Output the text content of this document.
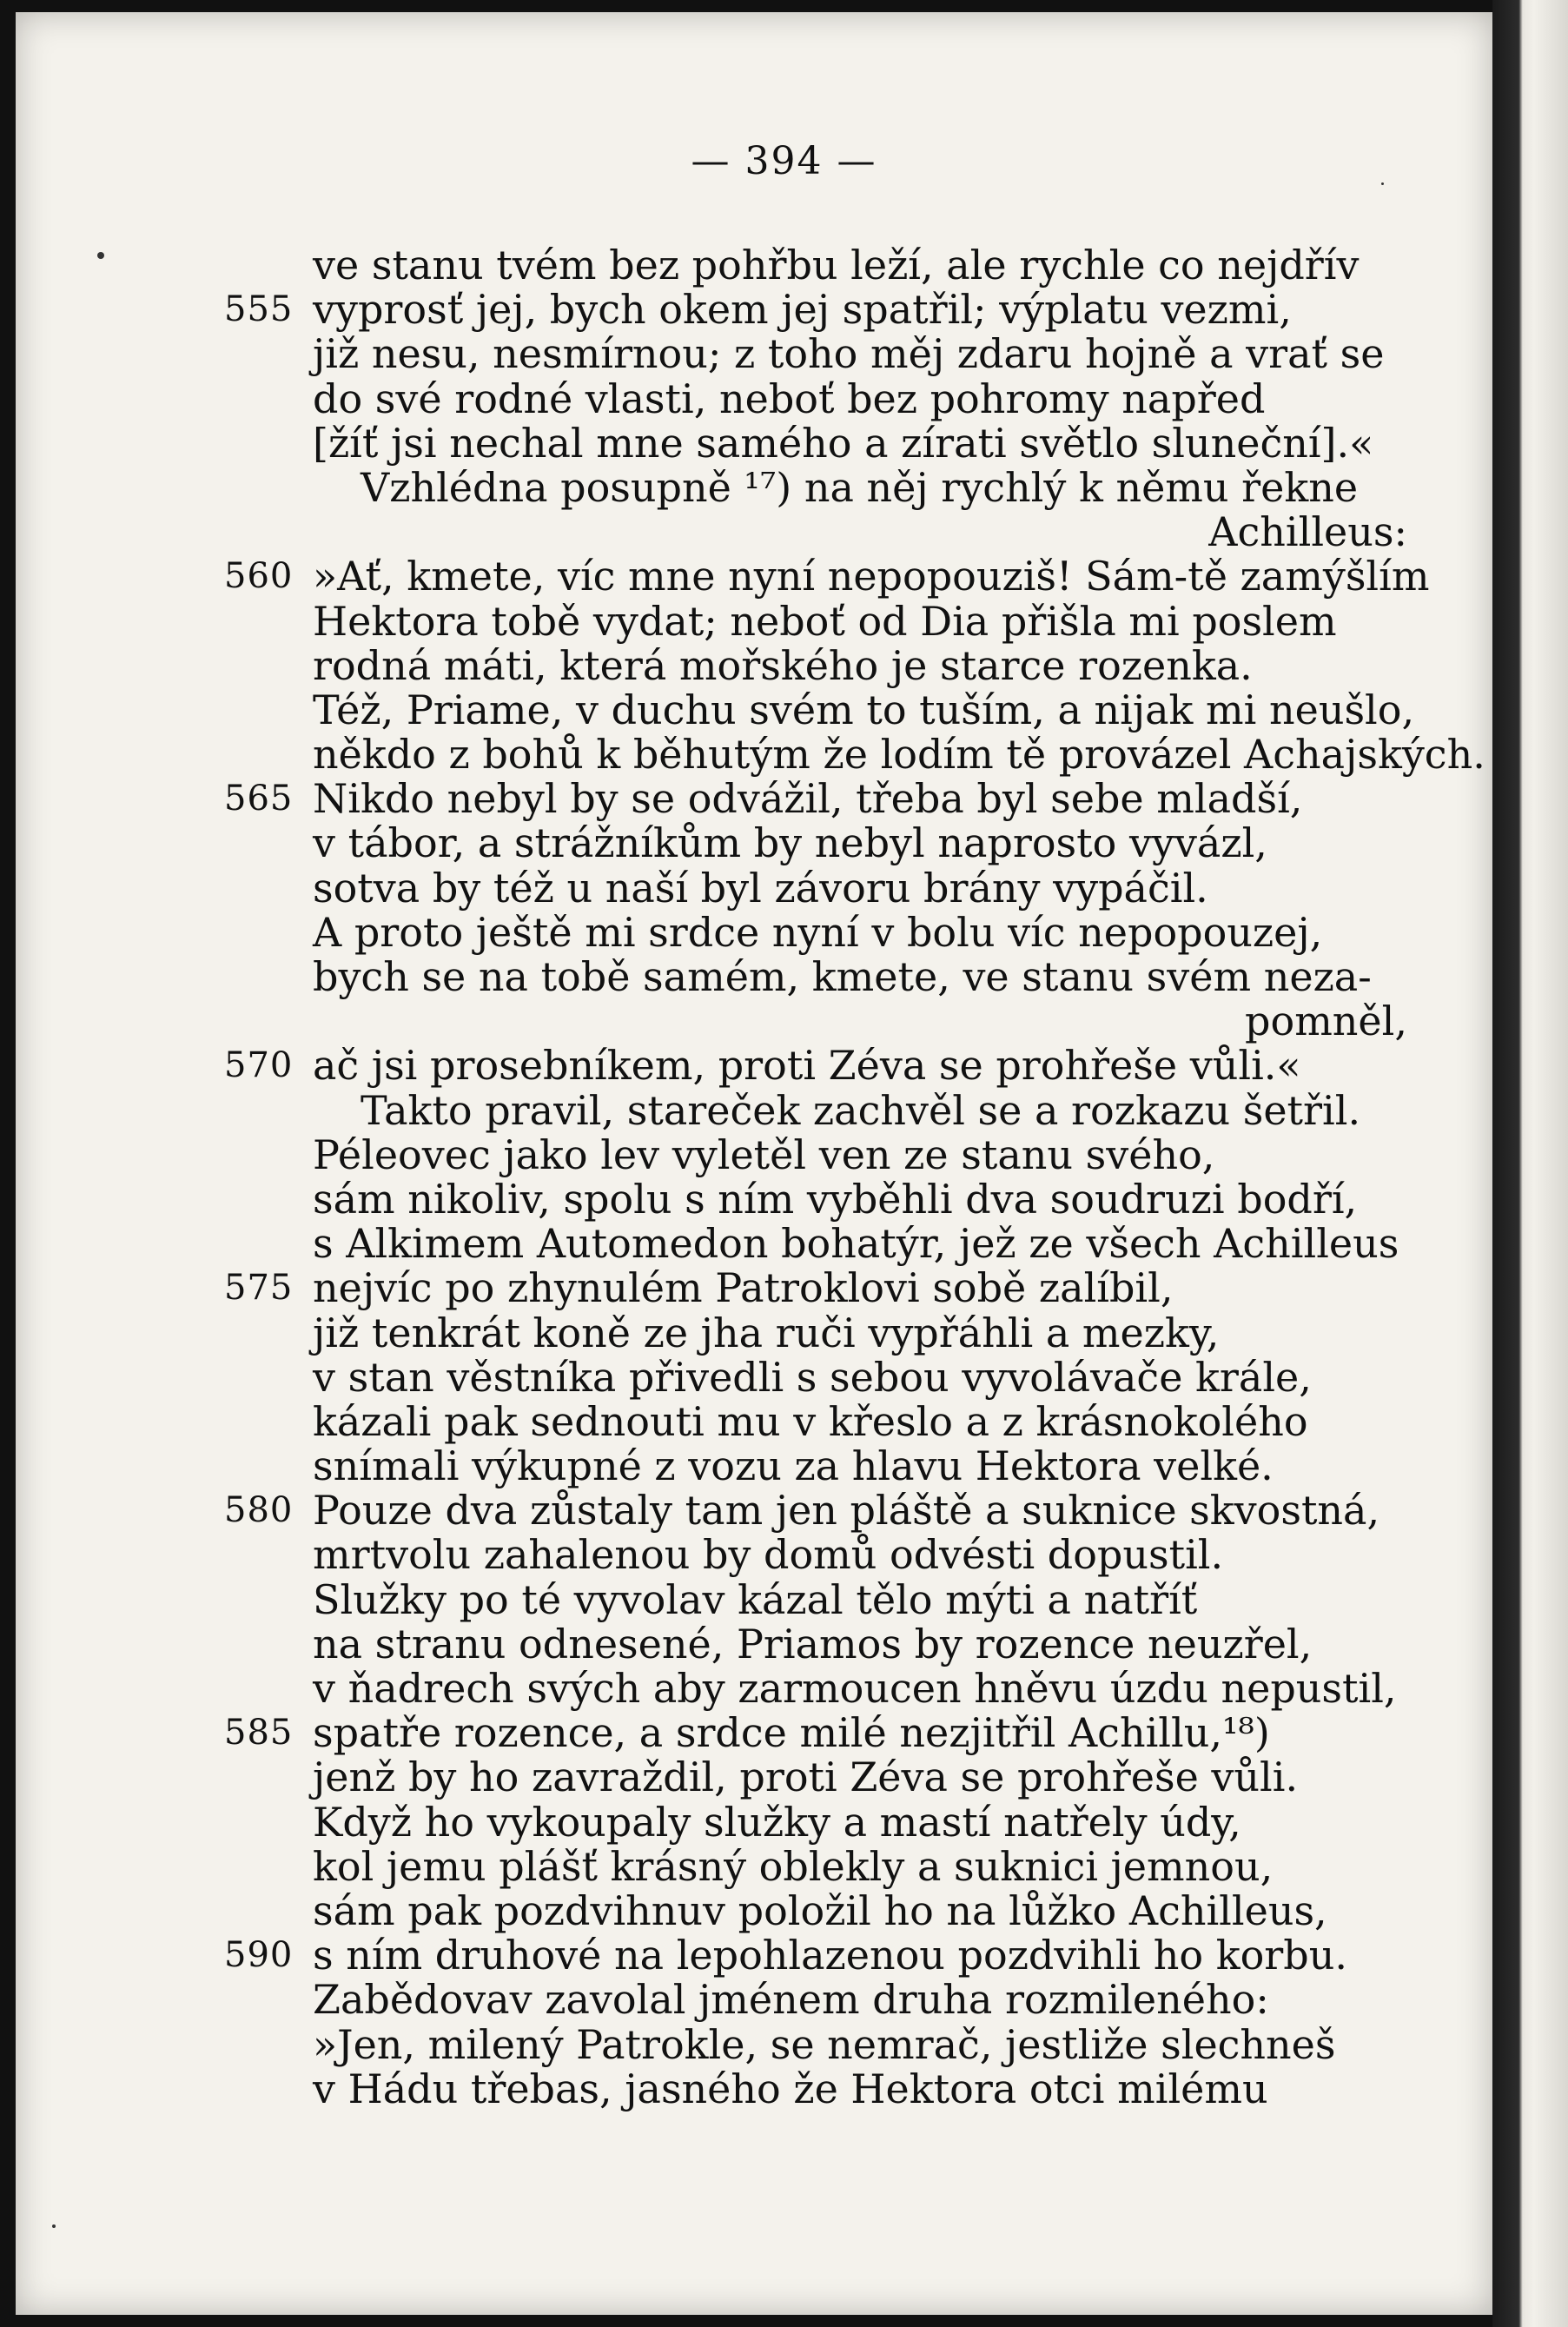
— 394 —
ve stanu tvém bez pohřbu leží, ale rychle co nejdřív
555 vyprosť jej, bych okem jej spatřil; výplatu vezmi,
již nesu, nesmírnou; z toho měj zdaru hojně a vrať se
do své rodné vlasti, neboť bez pohromy napřed
[žíť jsi nechal mne samého a zírati světlo sluneční].«
Vzhlédna posupně ¹⁷) na něj rychlý k němu řekne
Achilleus:
560 »Ať, kmete, víc mne nyní nepopouziš! Sám-tě zamýšlím
Hektora tobě vydat; neboť od Dia přišla mi poslem
rodná máti, která mořského je starce rozenka.
Též, Priame, v duchu svém to tuším, a nijak mi neušlo,
někdo z bohů k běhutým že lodím tě provázel Achajských.
565 Nikdo nebyl by se odvážil, třeba byl sebe mladší,
v tábor, a strážníkům by nebyl naprosto vyvázl,
sotva by též u naší byl závoru brány vypáčil.
A proto ještě mi srdce nyní v bolu víc nepopouzej,
bych se na tobě samém, kmete, ve stanu svém neza-
pomněl,
570 ač jsi prosebníkem, proti Zéva se prohřeše vůli.«
Takto pravil, stareček zachvěl se a rozkazu šetřil.
Péleovec jako lev vyletěl ven ze stanu svého,
sám nikoliv, spolu s ním vyběhli dva soudruzi bodří,
s Alkimem Automedon bohatýr, jež ze všech Achilleus
575 nejvíc po zhynulém Patroklovi sobě zalíbil,
již tenkrát koně ze jha ruči vypřáhli a mezky,
v stan věstníka přivedli s sebou vyvolávače krále,
kázali pak sednouti mu v křeslo a z krásnokolého
snímali výkupné z vozu za hlavu Hektora velké.
580 Pouze dva zůstaly tam jen pláště a suknice skvostná,
mrtvolu zahalenou by domů odvésti dopustil.
Služky po té vyvolav kázal tělo mýti a natříť
na stranu odnesené, Priamos by rozence neuzřel,
v ňadrech svých aby zarmoucen hněvu úzdu nepustil,
585 spatře rozence, a srdce milé nezjitřil Achillu,¹⁸)
jenž by ho zavraždil, proti Zéva se prohřeše vůli.
Když ho vykoupaly služky a mastí natřely údy,
kol jemu plášť krásný oblekly a suknici jemnou,
sám pak pozdvihnuv položil ho na lůžko Achilleus,
590 s ním druhové na lepohlazenou pozdvihli ho korbu.
Zaběd​ovav zavolal jménem druha rozmileného:
»Jen, milený Patrokle, se nemrač, jestliže slechneš
v Hádu třebas, jasného že Hektora otci milému
